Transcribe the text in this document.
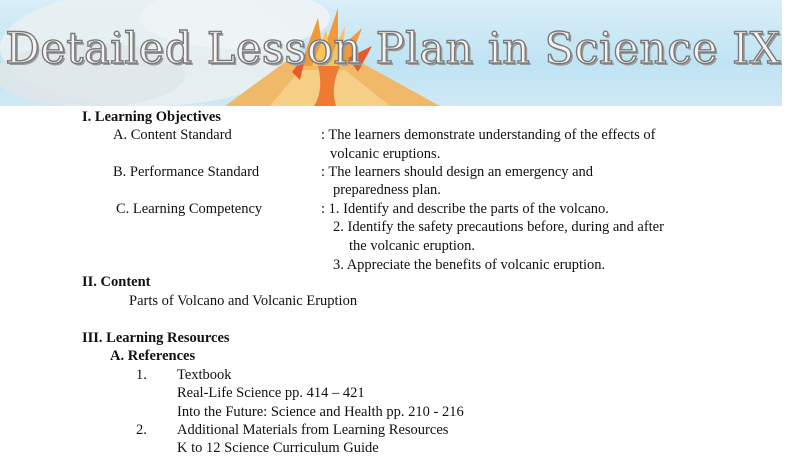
Detailed Lesson Plan in Science IX
I. Learning Objectives
A. Content Standard	: The learners demonstrate understanding of the effects of
volcanic eruptions.
B. Performance Standard	: The learners should design an emergency and
preparedness plan.
C. Learning Competency	: 1. Identify and describe the parts of the volcano.
2. Identify the safety precautions before, during and after
the volcanic eruption.
3. Appreciate the benefits of volcanic eruption.
II. Content
Parts of Volcano and Volcanic Eruption
III. Learning Resources
A. References
1. Textbook
Real-Life Science pp. 414 – 421
Into the Future: Science and Health pp. 210 - 216
2. Additional Materials from Learning Resources
K to 12 Science Curriculum Guide
